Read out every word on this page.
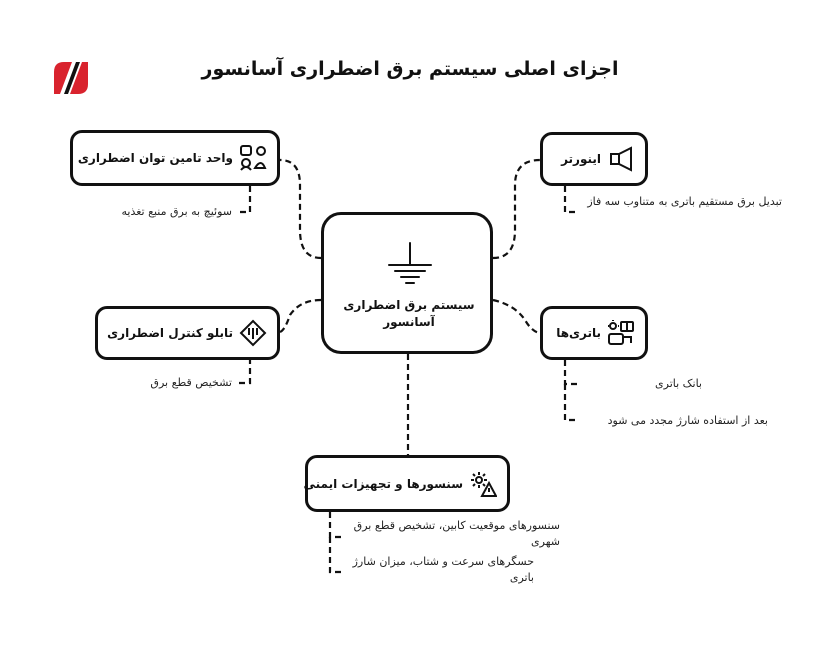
اجزای اصلی سیستم برق اضطراری آسانسور
سیستم برق اضطراری آسانسور
واحد تامین توان اضطراری
سوئیچ به برق منبع تغذیه
تابلو کنترل اضطراری
تشخیص قطع برق
اینورتر
تبدیل برق مستقیم باتری به متناوب سه فاز
باتری‌ها
بانک باتری
بعد از استفاده شارژ مجدد می شود
سنسورها و تجهیزات ایمنی
سنسورهای موقعیت کابین، تشخیص قطع برق شهری
حسگرهای سرعت و شتاب، میزان شارژ باتری
